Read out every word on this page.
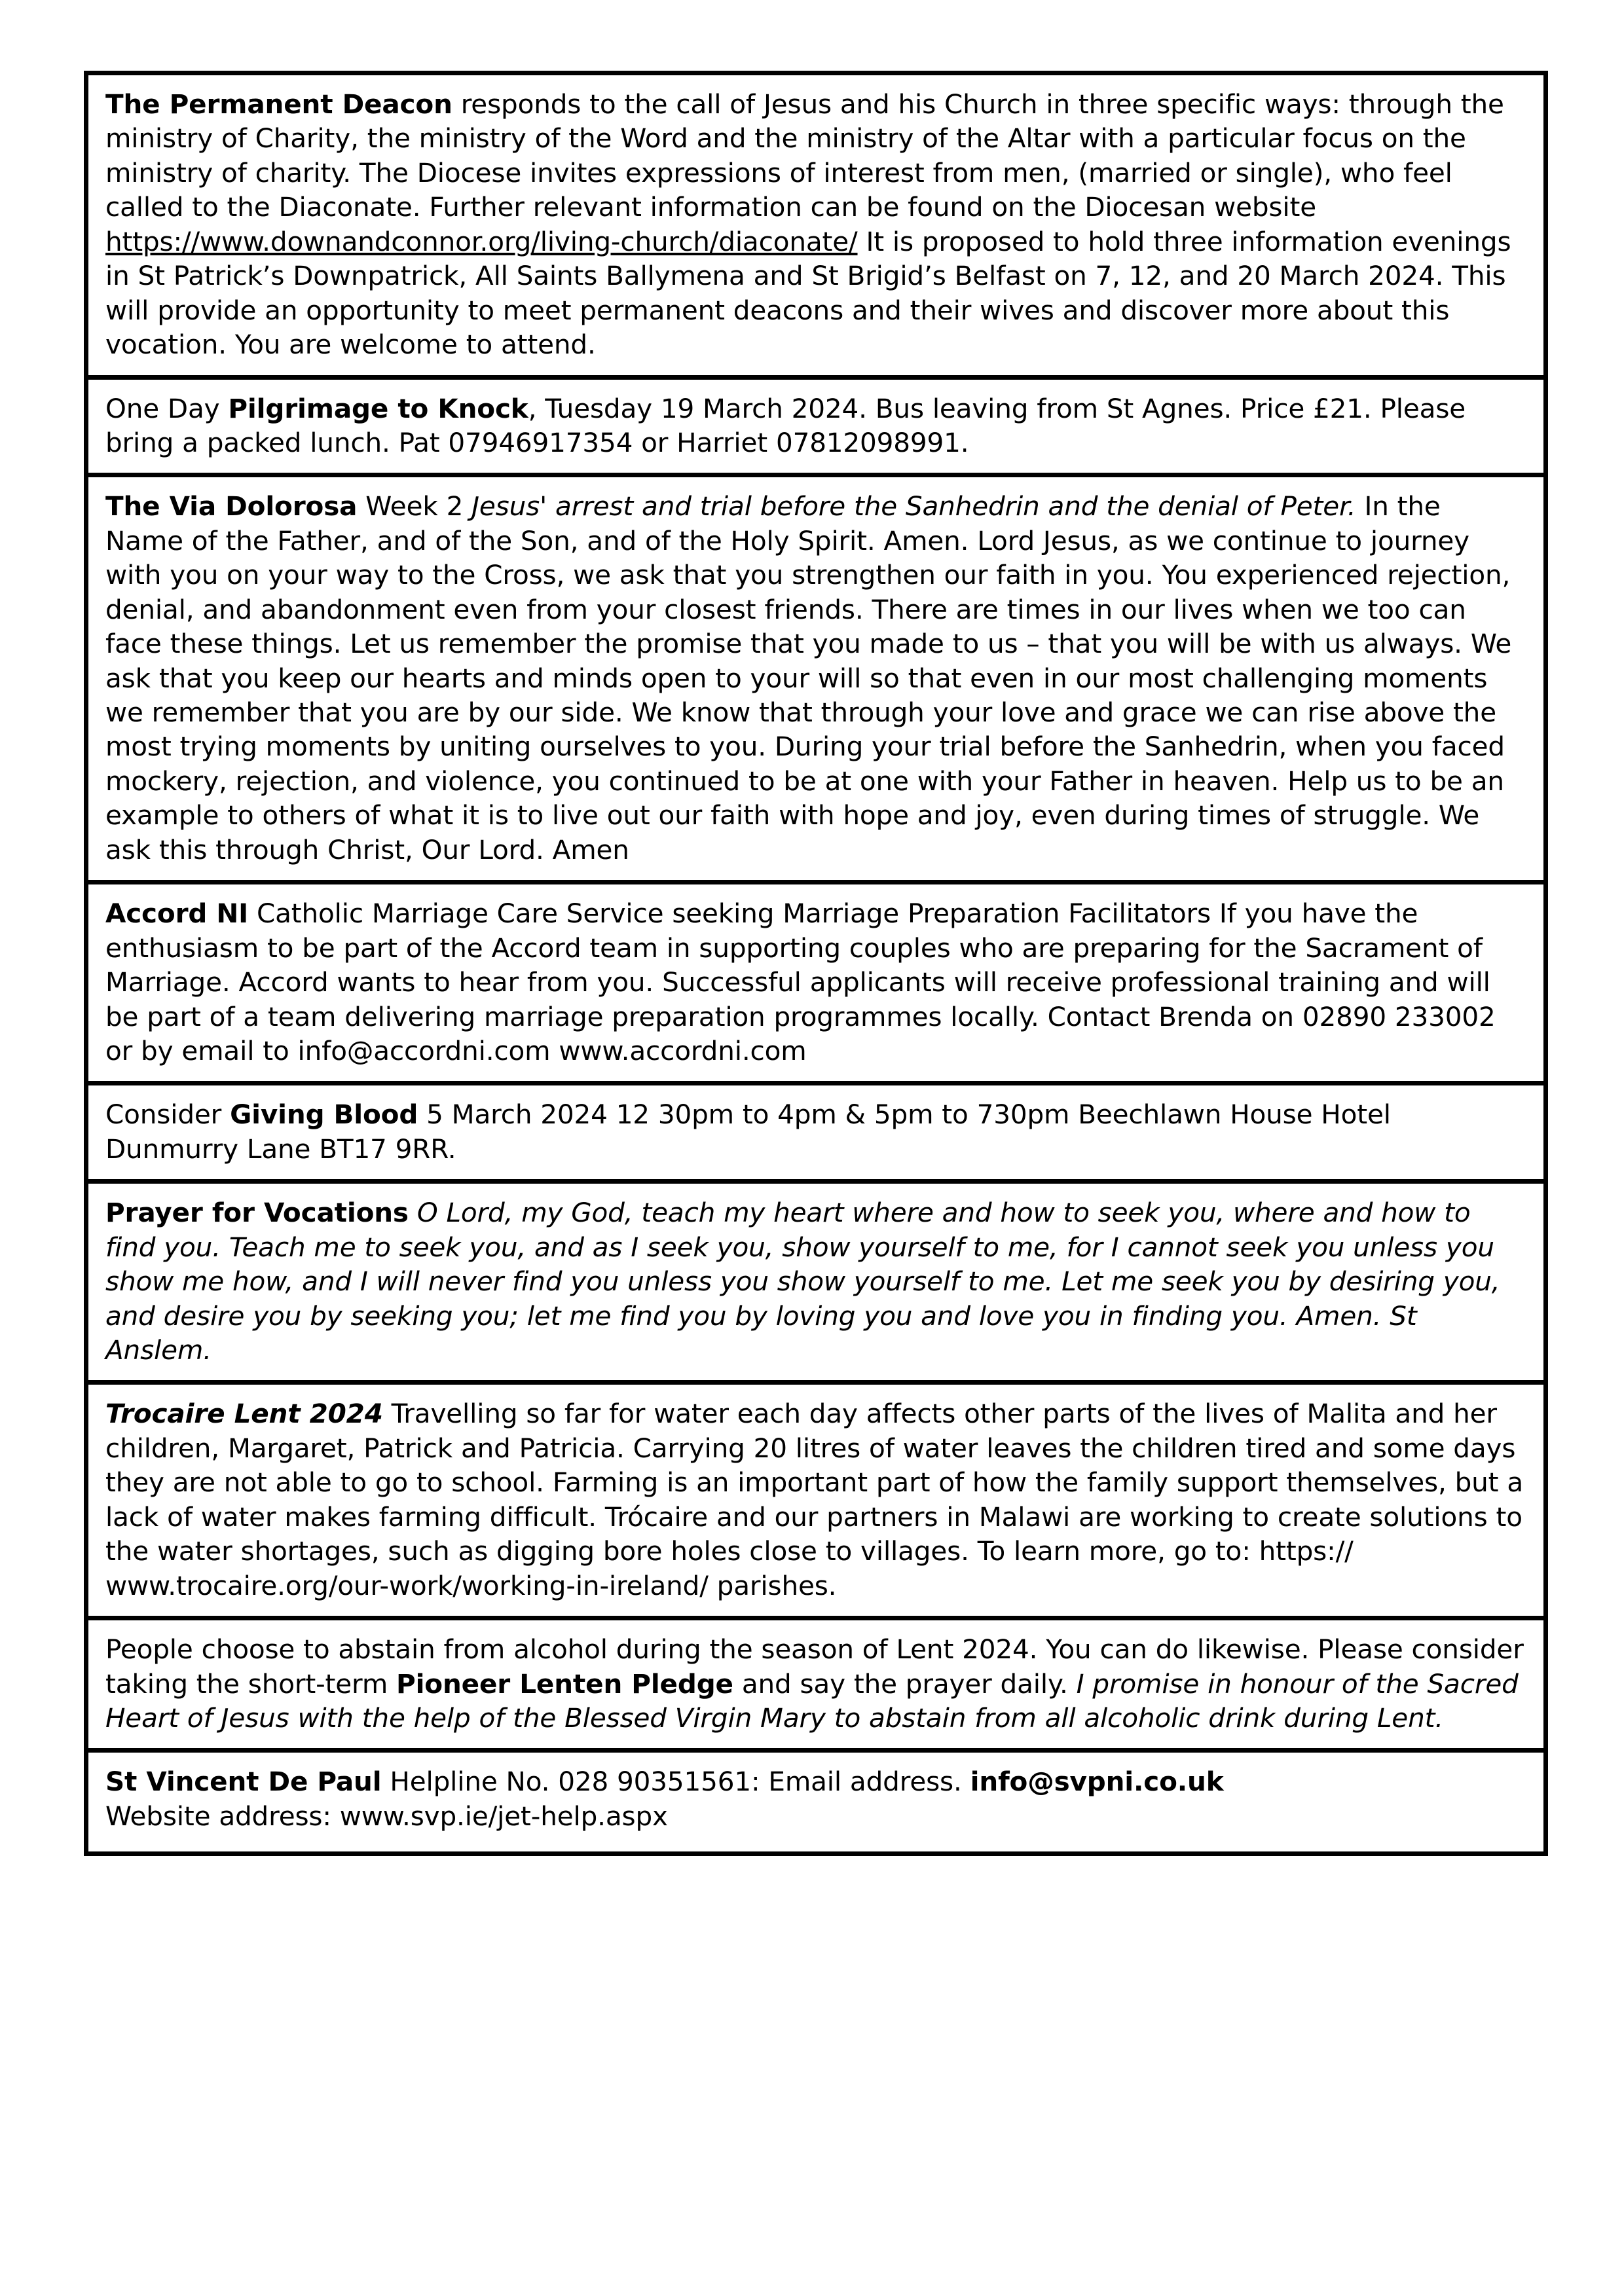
The Permanent Deacon responds to the call of Jesus and his Church in three specific ways: through the ministry of Charity, the ministry of the Word and the ministry of the Altar with a particular focus on the ministry of charity. The Diocese invites expressions of interest from men, (married or single), who feel called to the Diaconate. Further relevant information can be found on the Diocesan website https://www.downandconnor.org/living-church/diaconate/ It is proposed to hold three information evenings in St Patrick’s Downpatrick, All Saints Ballymena and St Brigid’s Belfast on 7, 12, and 20 March 2024. This will provide an opportunity to meet permanent deacons and their wives and discover more about this vocation. You are welcome to attend.

One Day Pilgrimage to Knock, Tuesday 19 March 2024. Bus leaving from St Agnes. Price £21. Please bring a packed lunch. Pat 07946917354 or Harriet 07812098991.

The Via Dolorosa Week 2 Jesus' arrest and trial before the Sanhedrin and the denial of Peter. In the Name of the Father, and of the Son, and of the Holy Spirit. Amen. Lord Jesus, as we continue to journey with you on your way to the Cross, we ask that you strengthen our faith in you. You experienced rejection, denial, and abandonment even from your closest friends. There are times in our lives when we too can face these things. Let us remember the promise that you made to us – that you will be with us always. We ask that you keep our hearts and minds open to your will so that even in our most challenging moments we remember that you are by our side. We know that through your love and grace we can rise above the most trying moments by uniting ourselves to you. During your trial before the Sanhedrin, when you faced mockery, rejection, and violence, you continued to be at one with your Father in heaven. Help us to be an example to others of what it is to live out our faith with hope and joy, even during times of struggle. We ask this through Christ, Our Lord. Amen

Accord NI Catholic Marriage Care Service seeking Marriage Preparation Facilitators If you have the enthusiasm to be part of the Accord team in supporting couples who are preparing for the Sacrament of Marriage. Accord wants to hear from you. Successful applicants will receive professional training and will be part of a team delivering marriage preparation programmes locally. Contact Brenda on 02890 233002 or by email to info@accordni.com www.accordni.com

Consider Giving Blood 5 March 2024 12 30pm to 4pm & 5pm to 730pm Beechlawn House Hotel Dunmurry Lane BT17 9RR.

Prayer for Vocations O Lord, my God, teach my heart where and how to seek you, where and how to find you. Teach me to seek you, and as I seek you, show yourself to me, for I cannot seek you unless you show me how, and I will never find you unless you show yourself to me. Let me seek you by desiring you, and desire you by seeking you; let me find you by loving you and love you in finding you. Amen. St Anslem.

Trocaire Lent 2024 Travelling so far for water each day affects other parts of the lives of Malita and her children, Margaret, Patrick and Patricia. Carrying 20 litres of water leaves the children tired and some days they are not able to go to school. Farming is an important part of how the family support themselves, but a lack of water makes farming difficult. Trócaire and our partners in Malawi are working to create solutions to the water shortages, such as digging bore holes close to villages. To learn more, go to: https:// www.trocaire.org/our-work/working-in-ireland/ parishes.

People choose to abstain from alcohol during the season of Lent 2024. You can do likewise. Please consider taking the short-term Pioneer Lenten Pledge and say the prayer daily. I promise in honour of the Sacred Heart of Jesus with the help of the Blessed Virgin Mary to abstain from all alcoholic drink during Lent.

St Vincent De Paul Helpline No. 028 90351561: Email address. info@svpni.co.uk
Website address: www.svp.ie/jet-help.aspx
